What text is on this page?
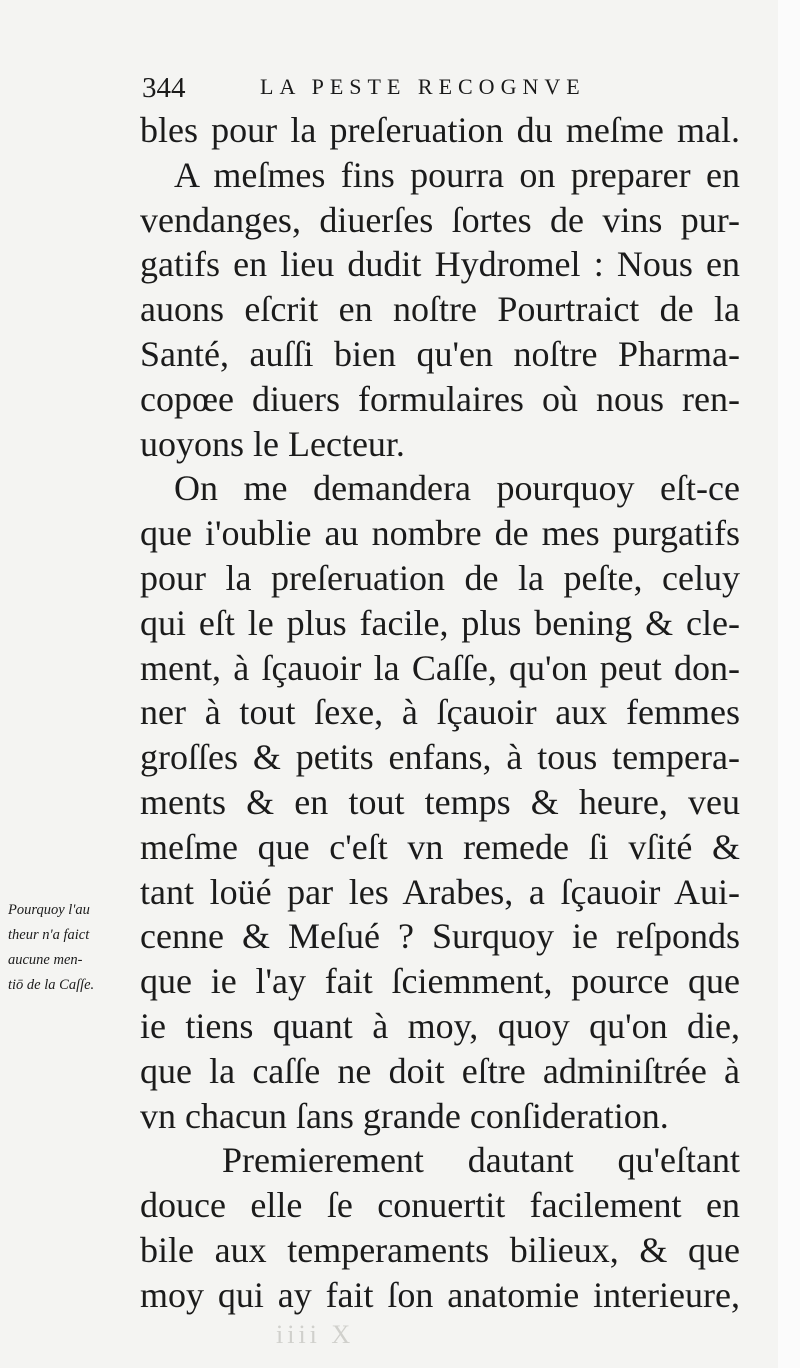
344	LA PESTE RECOGNVE
bles pour la preſeruation du meſme mal.
A meſmes fins pourra on preparer en
vendanges, diuerſes ſortes de vins pur-
gatifs en lieu dudit Hydromel : Nous en
auons eſcrit en noſtre Pourtraict de la
Santé, auſſi bien qu'en noſtre Pharma-
copœe diuers formulaires où nous ren-
uoyons le Lecteur.
On me demandera pourquoy eſt-ce
que i'oublie au nombre de mes purgatifs
pour la preſeruation de la peſte, celuy
qui eſt le plus facile, plus bening & cle-
ment, à ſçauoir la Caſſe, qu'on peut don-
ner à tout ſexe, à ſçauoir aux femmes
groſſes & petits enfans, à tous tempera-
ments & en tout temps & heure, veu
meſme que c'eſt vn remede ſi vſité &
tant loüé par les Arabes, a ſçauoir Aui-
cenne & Meſué ? Surquoy ie reſponds
que ie l'ay fait ſciemment, pource que
ie tiens quant à moy, quoy qu'on die,
que la caſſe ne doit eſtre adminiſtrée à
vn chacun ſans grande conſideration.
Premierement dautant qu'eſtant
douce elle ſe conuertit facilement en
bile aux temperaments bilieux, & que
moy qui ay fait ſon anatomie interieure,
Pourquoy l'au
theur n'a faict
aucune men-
tiō de la Caſſe.
iiii X
